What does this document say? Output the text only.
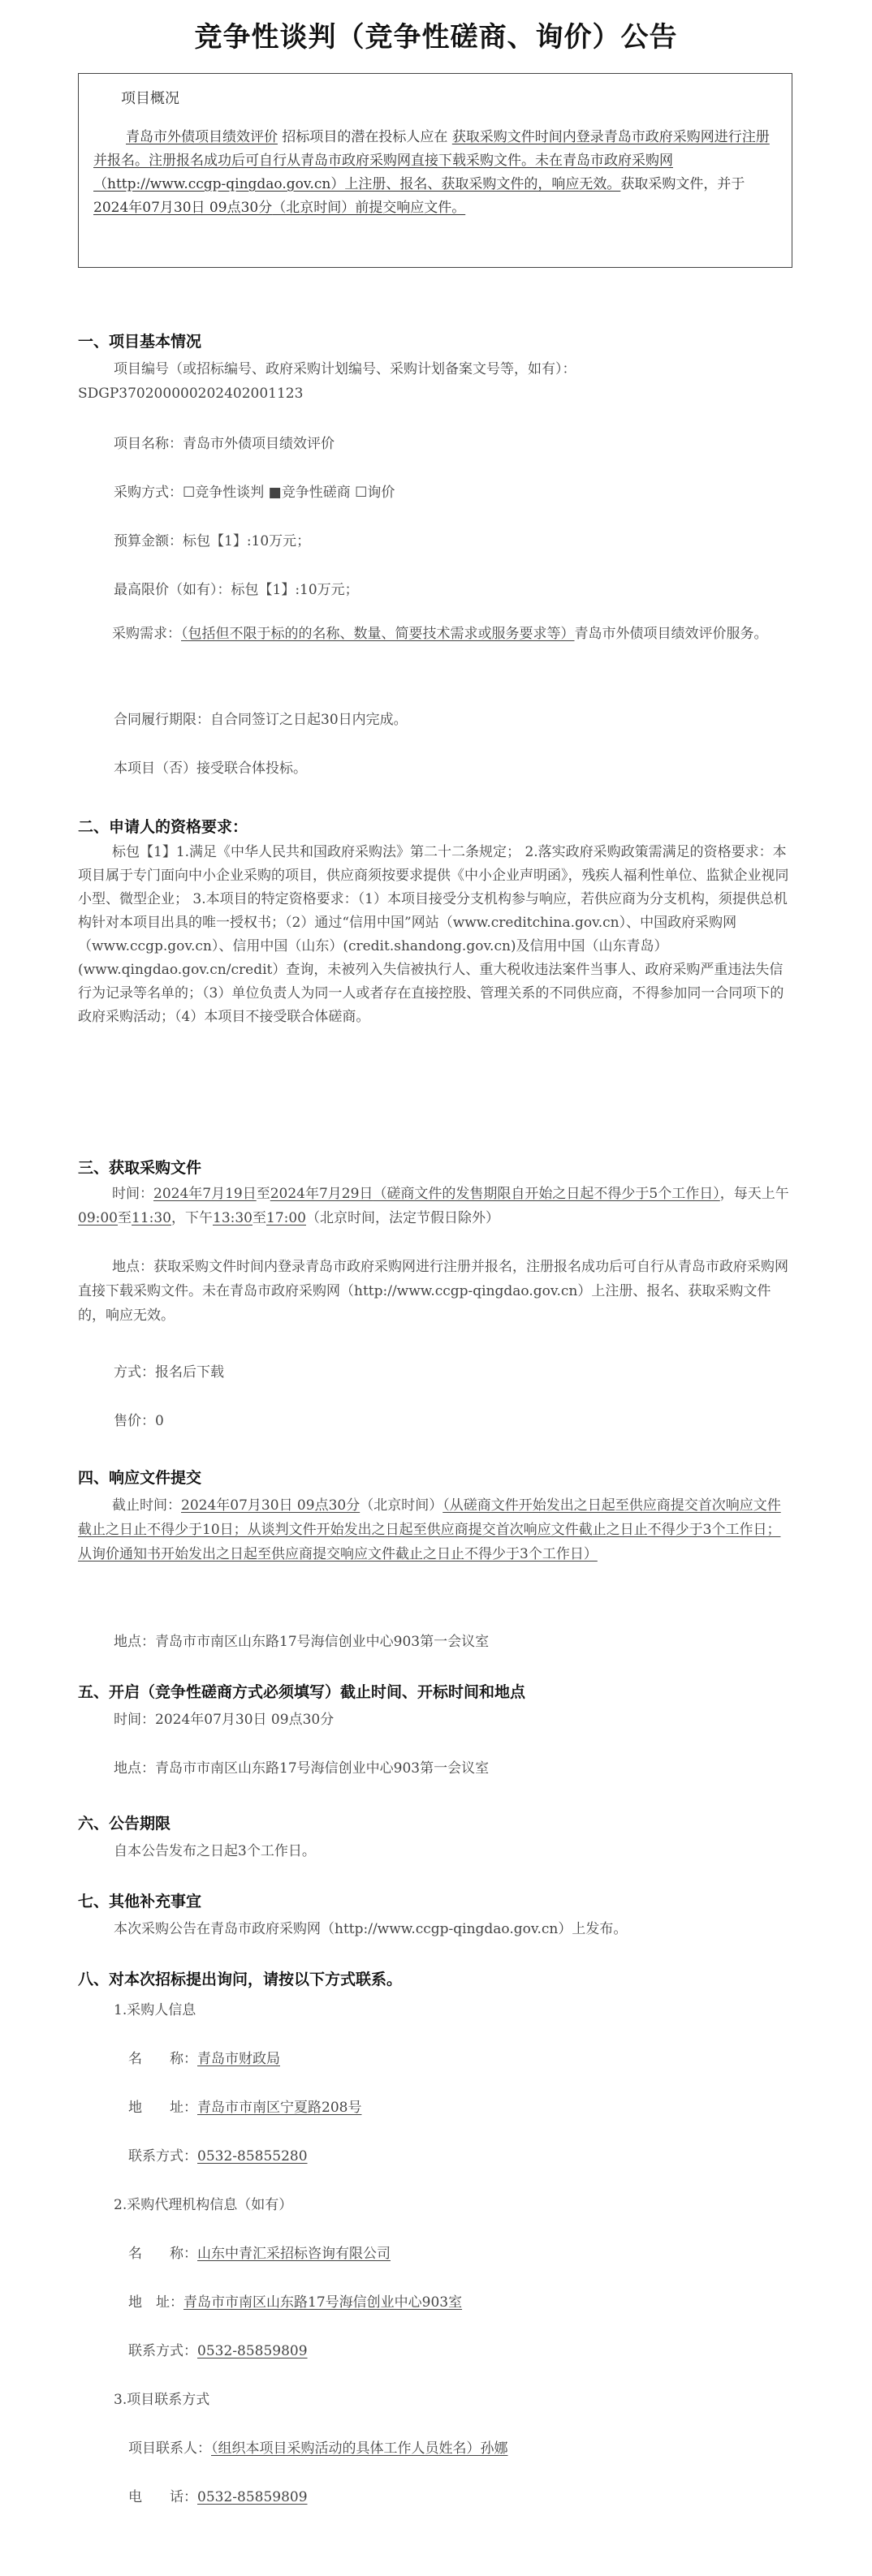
竞争性谈判（竞争性磋商、询价）公告
项目概况
青岛市外债项目绩效评价 招标项目的潜在投标人应在 获取采购文件时间内登录青岛市政府采购网进行注册并报名。注册报名成功后可自行从青岛市政府采购网直接下载采购文件。未在青岛市政府采购网（http://www.ccgp-qingdao.gov.cn）上注册、报名、获取采购文件的，响应无效。获取采购文件，并于2024年07月30日 09点30分（北京时间）前提交响应文件。
一、项目基本情况
项目编号（或招标编号、政府采购计划编号、采购计划备案文号等，如有）：
SDGP370200000202402001123
项目名称：青岛市外债项目绩效评价
采购方式：☐竞争性谈判 ■竞争性磋商 ☐询价
预算金额：标包【1】:10万元；
最高限价（如有）：标包【1】:10万元；
采购需求：（包括但不限于标的的名称、数量、简要技术需求或服务要求等）青岛市外债项目绩效评价服务。
合同履行期限：自合同签订之日起30日内完成。
本项目（否）接受联合体投标。
二、申请人的资格要求：
标包【1】1.满足《中华人民共和国政府采购法》第二十二条规定； 2.落实政府采购政策需满足的资格要求：本项目属于专门面向中小企业采购的项目，供应商须按要求提供《中小企业声明函》，残疾人福利性单位、监狱企业视同小型、微型企业； 3.本项目的特定资格要求：（1）本项目接受分支机构参与响应，若供应商为分支机构，须提供总机构针对本项目出具的唯一授权书；（2）通过“信用中国”网站（www.creditchina.gov.cn）、中国政府采购网（www.ccgp.gov.cn）、信用中国（山东）(credit.shandong.gov.cn)及信用中国（山东青岛）(www.qingdao.gov.cn/credit）查询，未被列入失信被执行人、重大税收违法案件当事人、政府采购严重违法失信行为记录等名单的；（3）单位负责人为同一人或者存在直接控股、管理关系的不同供应商，不得参加同一合同项下的政府采购活动；（4）本项目不接受联合体磋商。
三、获取采购文件
时间：2024年7月19日至2024年7月29日（磋商文件的发售期限自开始之日起不得少于5个工作日），每天上午09:00至11:30，下午13:30至17:00（北京时间，法定节假日除外）
地点：获取采购文件时间内登录青岛市政府采购网进行注册并报名，注册报名成功后可自行从青岛市政府采购网直接下载采购文件。未在青岛市政府采购网（http://www.ccgp-qingdao.gov.cn）上注册、报名、获取采购文件的，响应无效。
方式：报名后下载
售价：0
四、响应文件提交
截止时间：2024年07月30日 09点30分（北京时间）（从磋商文件开始发出之日起至供应商提交首次响应文件截止之日止不得少于10日；从谈判文件开始发出之日起至供应商提交首次响应文件截止之日止不得少于3个工作日；从询价通知书开始发出之日起至供应商提交响应文件截止之日止不得少于3个工作日）
地点：青岛市市南区山东路17号海信创业中心903第一会议室
五、开启（竞争性磋商方式必须填写）截止时间、开标时间和地点
时间：2024年07月30日 09点30分
地点：青岛市市南区山东路17号海信创业中心903第一会议室
六、公告期限
自本公告发布之日起3个工作日。
七、其他补充事宜
本次采购公告在青岛市政府采购网（http://www.ccgp-qingdao.gov.cn）上发布。
八、对本次招标提出询问，请按以下方式联系。
1.采购人信息
名　　称：青岛市财政局
地　　址：青岛市市南区宁夏路208号
联系方式：0532-85855280
2.采购代理机构信息（如有）
名　　称：山东中青汇采招标咨询有限公司
地　址：青岛市市南区山东路17号海信创业中心903室
联系方式：0532-85859809
3.项目联系方式
项目联系人：（组织本项目采购活动的具体工作人员姓名）孙娜
电　　话：0532-85859809
